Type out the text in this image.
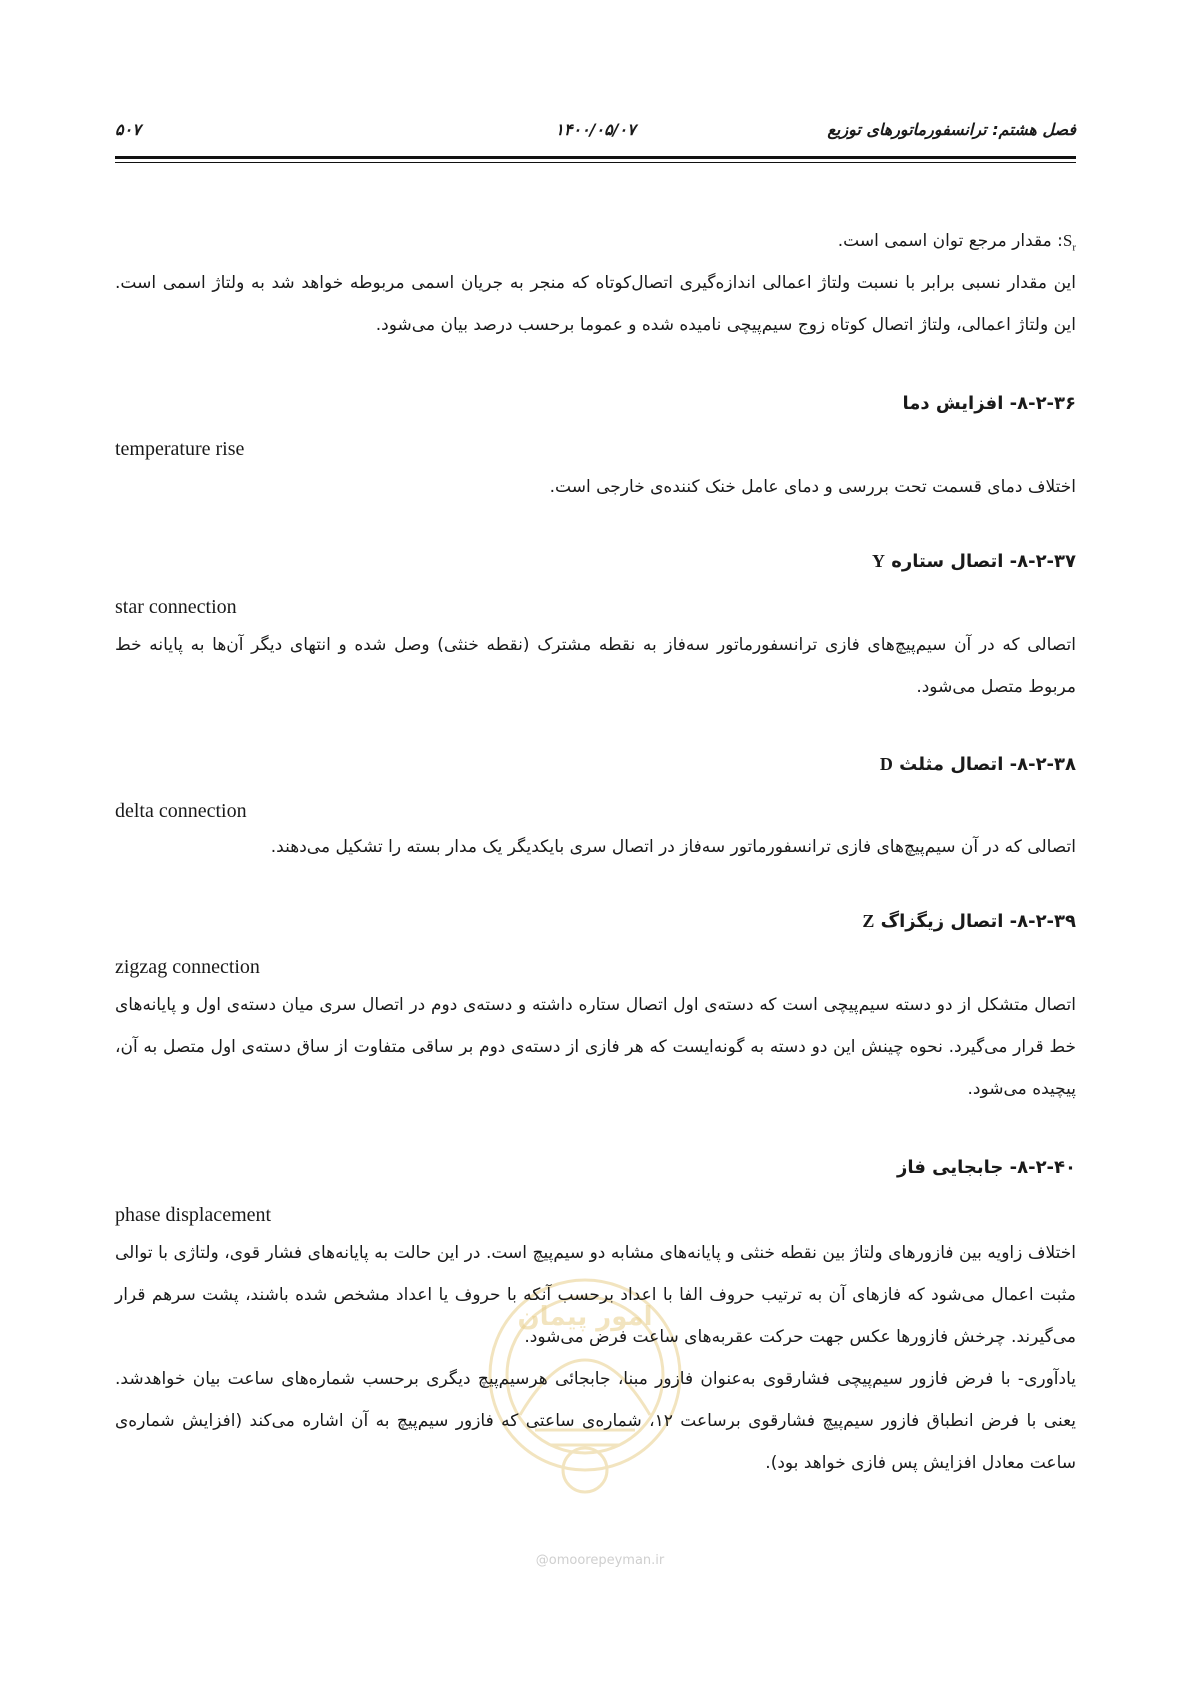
فصل هشتم: ترانسفورماتورهای توزیع
۱۴۰۰/۰۵/۰۷
۵۰۷
امور پیمان
@omoorepeyman.ir
$S_r$: مقدار مرجع توان اسمی است.
این مقدار نسبی برابر با نسبت ولتاژ اعمالی اندازه‌گیری اتصال‌کوتاه که منجر به جریان اسمی مربوطه خواهد شد به ولتاژ اسمی است. این ولتاژ اعمالی، ولتاژ اتصال کوتاه زوج سیم‌پیچی نامیده شده و عموما برحسب درصد بیان می‌شود.
۸-۲-۳۶- افزایش دما
temperature rise
اختلاف دمای قسمت تحت بررسی و دمای عامل خنک کننده‌ی خارجی است.
۸-۲-۳۷- اتصال ستاره Y
star connection
اتصالی که در آن سیم‌پیچ‌های فازی ترانسفورماتور سه‌فاز به نقطه مشترک (نقطه خنثی) وصل شده و انتهای دیگر آن‌ها به پایانه خط مربوط متصل می‌شود.
۸-۲-۳۸- اتصال مثلث D
delta connection
اتصالی که در آن سیم‌پیچ‌های فازی ترانسفورماتور سه‌فاز در اتصال سری بایکدیگر یک مدار بسته را تشکیل می‌دهند.
۸-۲-۳۹- اتصال زیگزاگ Z
zigzag connection
اتصال متشکل از دو دسته سیم‌پیچی است که دسته‌ی اول اتصال ستاره داشته و دسته‌ی دوم در اتصال سری میان دسته‌ی اول و پایانه‌های خط قرار می‌گیرد. نحوه چینش این دو دسته به گونه‌ایست که هر فازی از دسته‌ی دوم بر ساقی متفاوت از ساق دسته‌ی اول متصل به آن، پیچیده می‌شود.
۸-۲-۴۰- جابجایی فاز
phase displacement
اختلاف زاویه بین فازورهای ولتاژ بین نقطه خنثی و پایانه‌های مشابه دو سیم‌پیچ است. در این حالت به پایانه‌های فشار قوی، ولتاژی با توالی مثبت اعمال می‌شود که فازهای آن به ترتیب حروف الفا با اعداد برحسب آنکه با حروف یا اعداد مشخص شده باشند، پشت سرهم قرار می‌گیرند. چرخش فازورها عکس جهت حرکت عقربه‌های ساعت فرض می‌شود.
یادآوری- با فرض فازور سیم‌پیچی فشارقوی به‌عنوان فازور مبنا، جابجائی هرسیم‌پیچ دیگری برحسب شماره‌های ساعت بیان خواهدشد. یعنی با فرض انطباق فازور سیم‌پیچ فشارقوی برساعت ۱۲، شماره‌ی ساعتی که فازور سیم‌پیچ به آن اشاره می‌کند (افزایش شماره‌ی ساعت معادل افزایش پس فازی خواهد بود).
